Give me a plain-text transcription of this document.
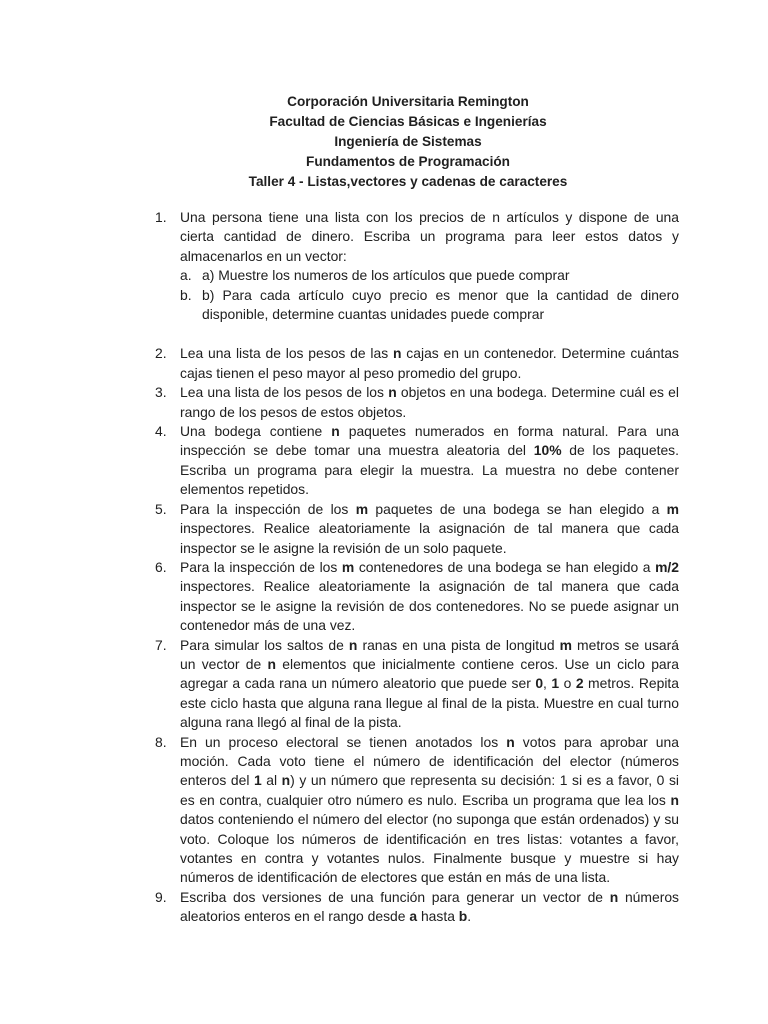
Corporación Universitaria Remington
Facultad de Ciencias Básicas e Ingenierías
Ingeniería de Sistemas
Fundamentos de Programación
Taller 4 - Listas,vectores y cadenas de caracteres
1. Una persona tiene una lista con los precios de n artículos y dispone de una cierta cantidad de dinero. Escriba un programa para leer estos datos y almacenarlos en un vector:
a. a) Muestre los numeros de los artículos que puede comprar
b. b) Para cada artículo cuyo precio es menor que la cantidad de dinero disponible, determine cuantas unidades puede comprar
2. Lea una lista de los pesos de las n cajas en un contenedor. Determine cuántas cajas tienen el peso mayor al peso promedio del grupo.
3. Lea una lista de los pesos de los n objetos en una bodega. Determine cuál es el rango de los pesos de estos objetos.
4. Una bodega contiene n paquetes numerados en forma natural. Para una inspección se debe tomar una muestra aleatoria del 10% de los paquetes. Escriba un programa para elegir la muestra. La muestra no debe contener elementos repetidos.
5. Para la inspección de los m paquetes de una bodega se han elegido a m inspectores. Realice aleatoriamente la asignación de tal manera que cada inspector se le asigne la revisión de un solo paquete.
6. Para la inspección de los m contenedores de una bodega se han elegido a m/2 inspectores. Realice aleatoriamente la asignación de tal manera que cada inspector se le asigne la revisión de dos contenedores. No se puede asignar un contenedor más de una vez.
7. Para simular los saltos de n ranas en una pista de longitud m metros se usará un vector de n elementos que inicialmente contiene ceros. Use un ciclo para agregar a cada rana un número aleatorio que puede ser 0, 1 o 2 metros. Repita este ciclo hasta que alguna rana llegue al final de la pista. Muestre en cual turno alguna rana llegó al final de la pista.
8. En un proceso electoral se tienen anotados los n votos para aprobar una moción. Cada voto tiene el número de identificación del elector (números enteros del 1 al n) y un número que representa su decisión: 1 si es a favor, 0 si es en contra, cualquier otro número es nulo. Escriba un programa que lea los n datos conteniendo el número del elector (no suponga que están ordenados) y su voto. Coloque los números de identificación en tres listas: votantes a favor, votantes en contra y votantes nulos. Finalmente busque y muestre si hay números de identificación de electores que están en más de una lista.
9. Escriba dos versiones de una función para generar un vector de n números aleatorios enteros en el rango desde a hasta b.
